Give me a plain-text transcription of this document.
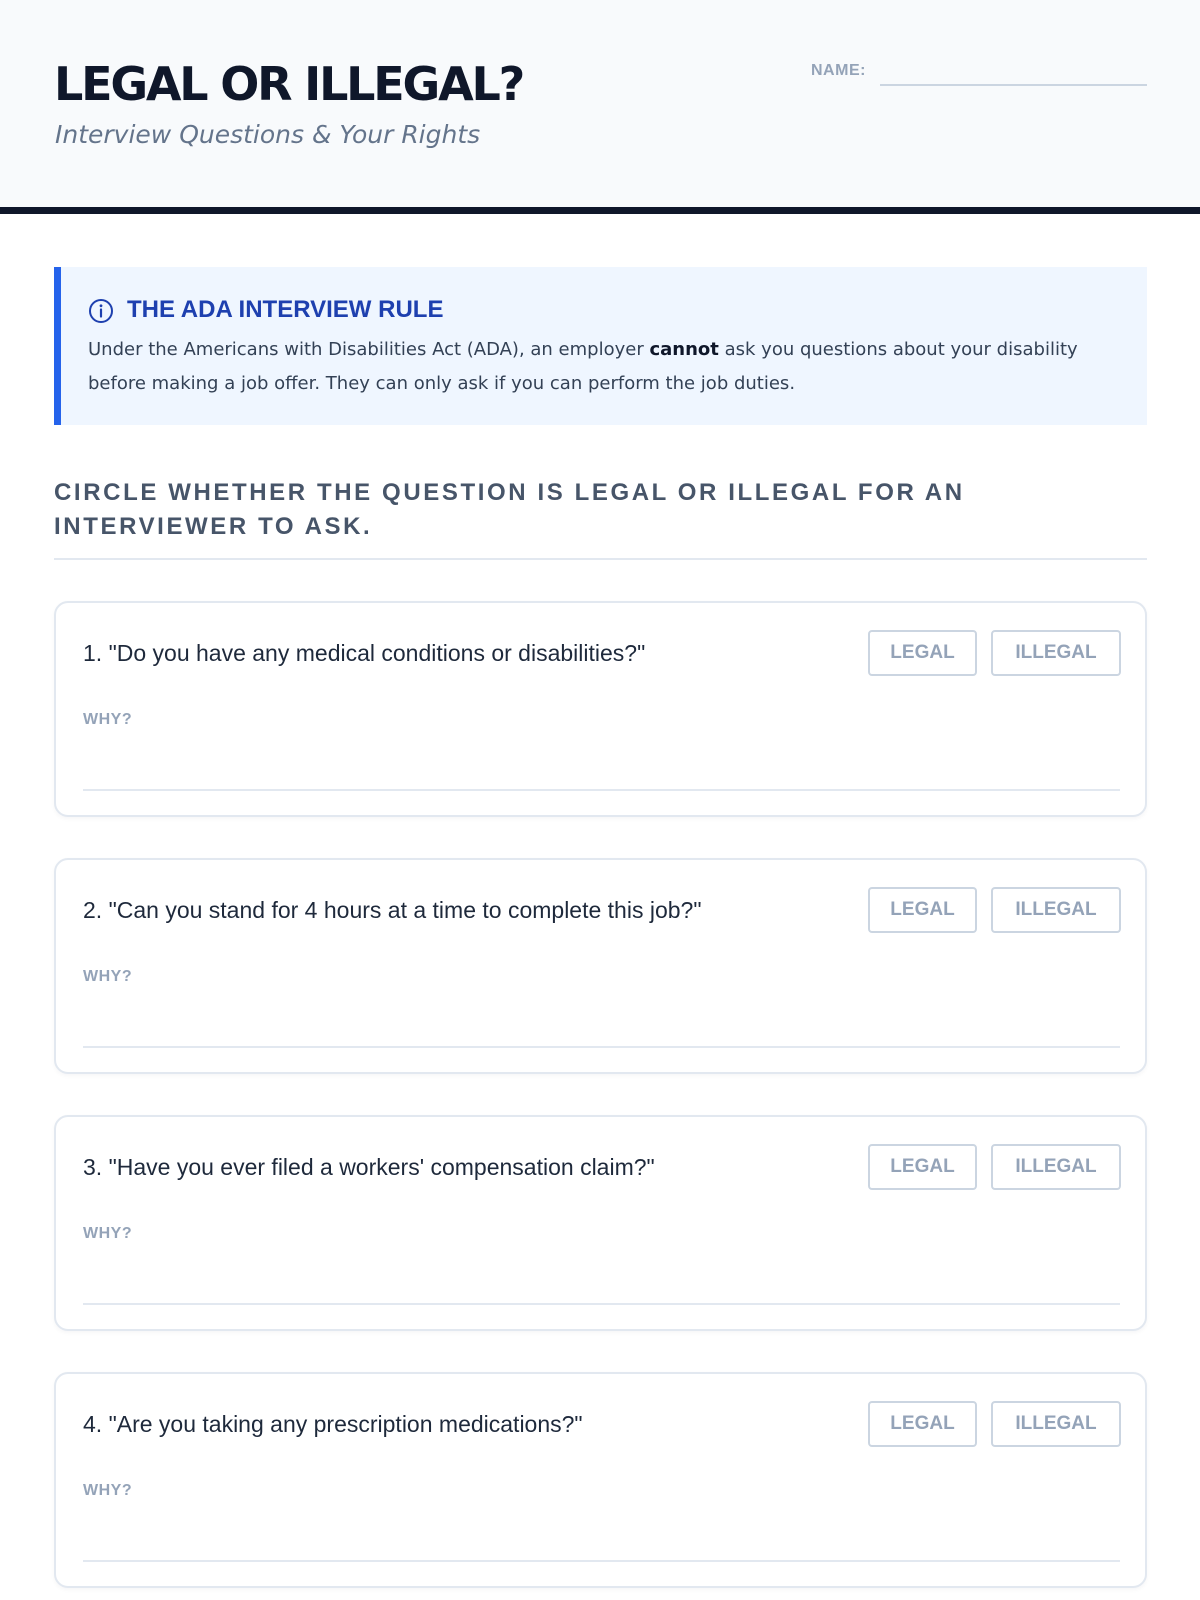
LEGAL OR ILLEGAL?
Interview Questions & Your Rights
NAME:
THE ADA INTERVIEW RULE
Under the Americans with Disabilities Act (ADA), an employer cannot ask you questions about your disability before making a job offer. They can only ask if you can perform the job duties.
CIRCLE WHETHER THE QUESTION IS LEGAL OR ILLEGAL FOR AN INTERVIEWER TO ASK.
1. "Do you have any medical conditions or disabilities?"	LEGAL	ILLEGAL
WHY?
2. "Can you stand for 4 hours at a time to complete this job?"	LEGAL	ILLEGAL
WHY?
3. "Have you ever filed a workers' compensation claim?"	LEGAL	ILLEGAL
WHY?
4. "Are you taking any prescription medications?"	LEGAL	ILLEGAL
WHY?
